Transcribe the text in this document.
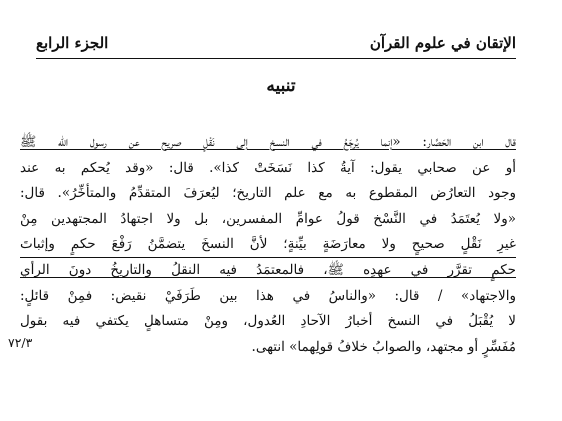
الإتقان في علوم القرآن
الجزء الرابع
تنبيه
قال ابن الحَصَّار: «إنما يُرجَعُ في النسخ إلى نَقْلٍ صريح عن رسول الله ﷺ
أو عن صحابي يقول: آيةُ كذا نَسَخَتْ كذا». قال: «وقد يُحكم به عند
وجود التعارُض المقطوع به مع علم التاريخ؛ ليُعرَفَ المتقدِّمُ والمتأخِّرُ». قال:
«ولا يُعتَمَدُ في النَّسْخ قولُ عوامِّ المفسرين، بل ولا اجتهادُ المجتهدين مِنْ
غيرِ نَقْلٍ صحيحٍ ولا معارَضَةٍ بيِّنةٍ؛ لأنَّ النسخَ يتضمَّنُ رَفْعَ حكمٍ وإثباتَ
حكمٍ تقرَّر في عهدِه ﷺ، فالمعتمَدُ فيه النقلُ والتاريخُ دونَ الرأي
والاجتهاد» / قال: «والناسُ في هذا بين طَرَفَيْ نقيض: فمِنْ قائلٍ:
لا يُقْبَلُ في النسخ أخبارُ الآحادِ العُدول، ومِنْ متساهلٍ يكتفي فيه بقول
مُفَسِّرٍ أو مجتهد، والصوابُ خلافُ قولِهما» انتهى.
٧٢/٣
